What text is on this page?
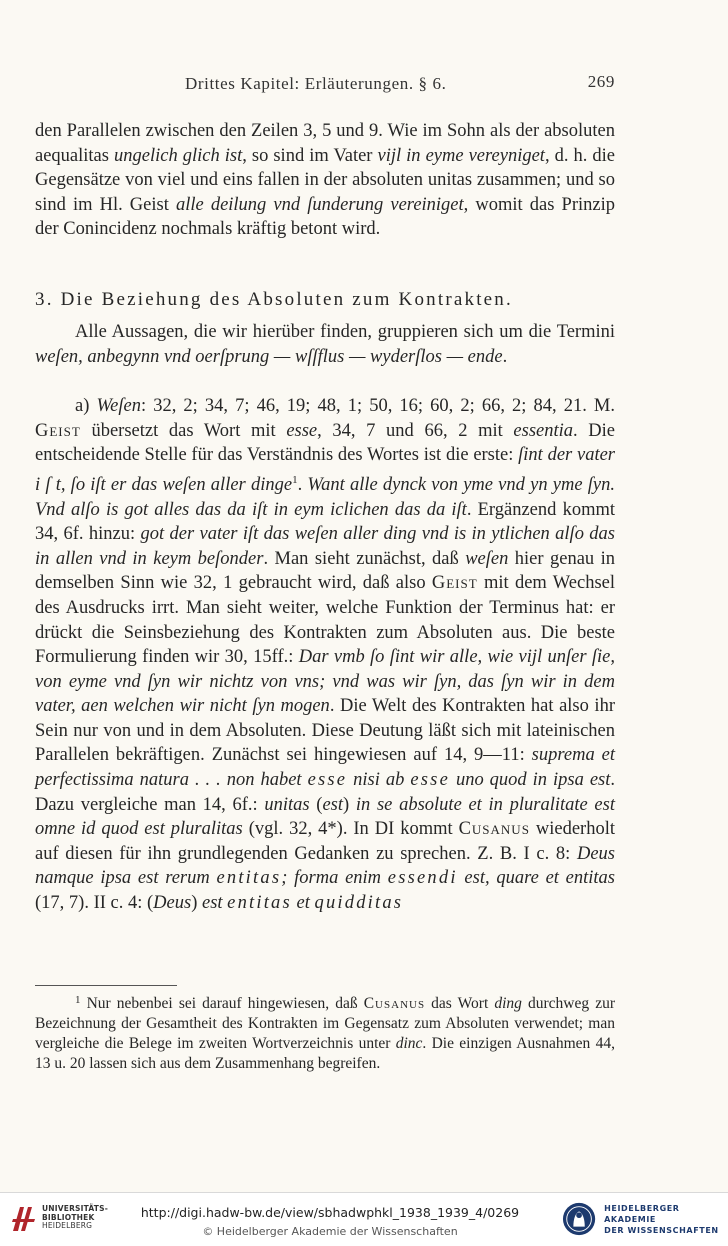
Drittes Kapitel: Erläuterungen. § 6.	269

den Parallelen zwischen den Zeilen 3, 5 und 9. Wie im Sohn als der absoluten aequalitas ungelich glich ist, so sind im Vater vijl in eyme vereyniget, d. h. die Gegensätze von viel und eins fallen in der absoluten unitas zusammen; und so sind im Hl. Geist alle deilung vnd ſunderung vereiniget, womit das Prinzip der Conincidenz nochmals kräftig betont wird.

3. Die Beziehung des Absoluten zum Kontrakten.

Alle Aussagen, die wir hierüber finden, gruppieren sich um die Termini weſen, anbegynn vnd oerſprung — wſſflus — wyderſlos — ende.

a) Weſen: 32, 2; 34, 7; 46, 19; 48, 1; 50, 16; 60, 2; 66, 2; 84, 21. M. Geist übersetzt das Wort mit esse, 34, 7 und 66, 2 mit essentia. Die entscheidende Stelle für das Verständnis des Wortes ist die erste: ſint der vater i ſ t, ſo iſt er das weſen aller dinge$^1$. Want alle dynck von yme vnd yn yme ſyn. Vnd alſo is got alles das da iſt in eym iclichen das da iſt. Ergänzend kommt 34, 6f. hinzu: got der vater iſt das weſen aller ding vnd is in ytlichen alſo das in allen vnd in keym beſonder. Man sieht zunächst, daß weſen hier genau in demselben Sinn wie 32, 1 gebraucht wird, daß also Geist mit dem Wechsel des Ausdrucks irrt. Man sieht weiter, welche Funktion der Terminus hat: er drückt die Seinsbeziehung des Kontrakten zum Absoluten aus. Die beste Formulierung finden wir 30, 15ff.: Dar vmb ſo ſint wir alle, wie vijl unſer ſie, von eyme vnd ſyn wir nichtz von vns; vnd was wir ſyn, das ſyn wir in dem vater, aen welchen wir nicht ſyn mogen. Die Welt des Kontrakten hat also ihr Sein nur von und in dem Absoluten. Diese Deutung läßt sich mit lateinischen Parallelen bekräftigen. Zunächst sei hingewiesen auf 14, 9—11: suprema et perfectissima natura . . . non habet esse nisi ab esse uno quod in ipsa est. Dazu vergleiche man 14, 6f.: unitas (est) in se absolute et in pluralitate est omne id quod est pluralitas (vgl. 32, 4*). In DI kommt Cusanus wiederholt auf diesen für ihn grundlegenden Gedanken zu sprechen. Z. B. I c. 8: Deus namque ipsa est rerum entitas; forma enim essendi est, quare et entitas (17, 7). II c. 4: (Deus) est entitas et quidditas

$^1$ Nur nebenbei sei darauf hingewiesen, daß Cusanus das Wort ding durchweg zur Bezeichnung der Gesamtheit des Kontrakten im Gegensatz zum Absoluten verwendet; man vergleiche die Belege im zweiten Wortverzeichnis unter dinc. Die einzigen Ausnahmen 44, 13 u. 20 lassen sich aus dem Zusammenhang begreifen.

UNIVERSITÄTS-
BIBLIOTHEK
HEIDELBERG
http://digi.hadw-bw.de/view/sbhadwphkl_1938_1939_4/0269
© Heidelberger Akademie der Wissenschaften
HEIDELBERGER AKADEMIE
DER WISSENSCHAFTEN
